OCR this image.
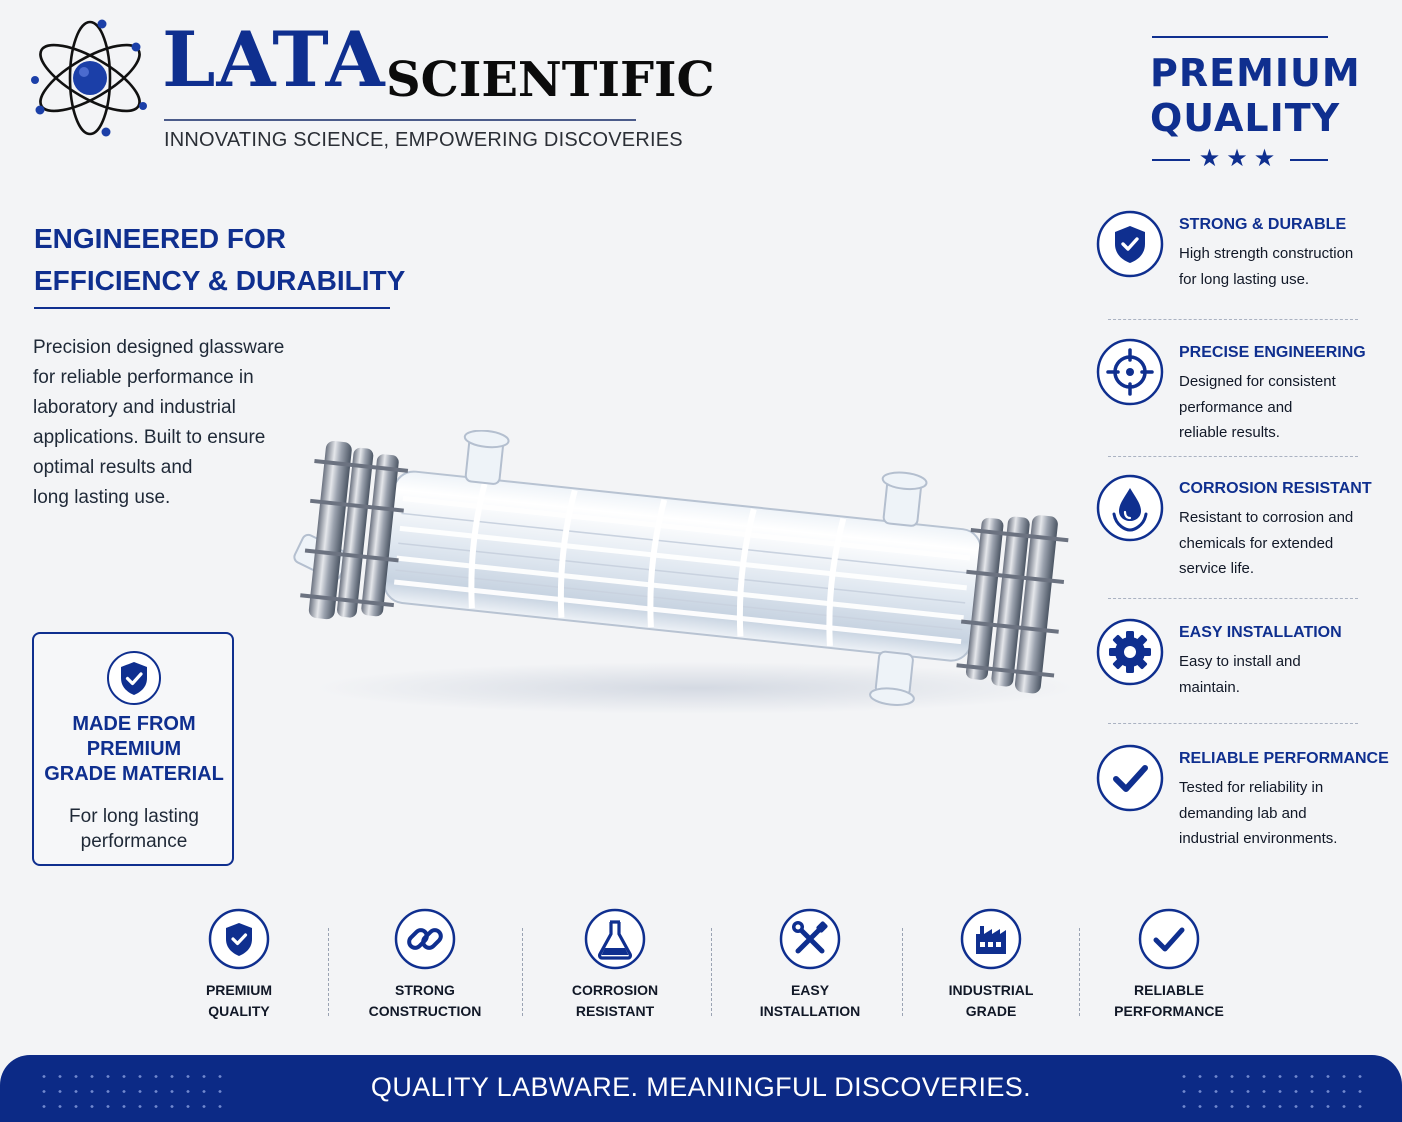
LATA SCIENTIFIC
INNOVATING SCIENCE, EMPOWERING DISCOVERIES
PREMIUM
QUALITY
★★★
ENGINEERED FOR
EFFICIENCY & DURABILITY
Precision designed glassware
for reliable performance in
laboratory and industrial
applications. Built to ensure
optimal results and
long lasting use.
MADE FROM
PREMIUM
GRADE MATERIAL
For long lasting
performance
STRONG & DURABLE
High strength construction
for long lasting use.
PRECISE ENGINEERING
Designed for consistent
performance and
reliable results.
CORROSION RESISTANT
Resistant to corrosion and
chemicals for extended
service life.
EASY INSTALLATION
Easy to install and
maintain.
RELIABLE PERFORMANCE
Tested for reliability in
demanding lab and
industrial environments.
PREMIUM
QUALITY
STRONG
CONSTRUCTION
CORROSION
RESISTANT
EASY
INSTALLATION
INDUSTRIAL
GRADE
RELIABLE
PERFORMANCE
QUALITY LABWARE. MEANINGFUL DISCOVERIES.
